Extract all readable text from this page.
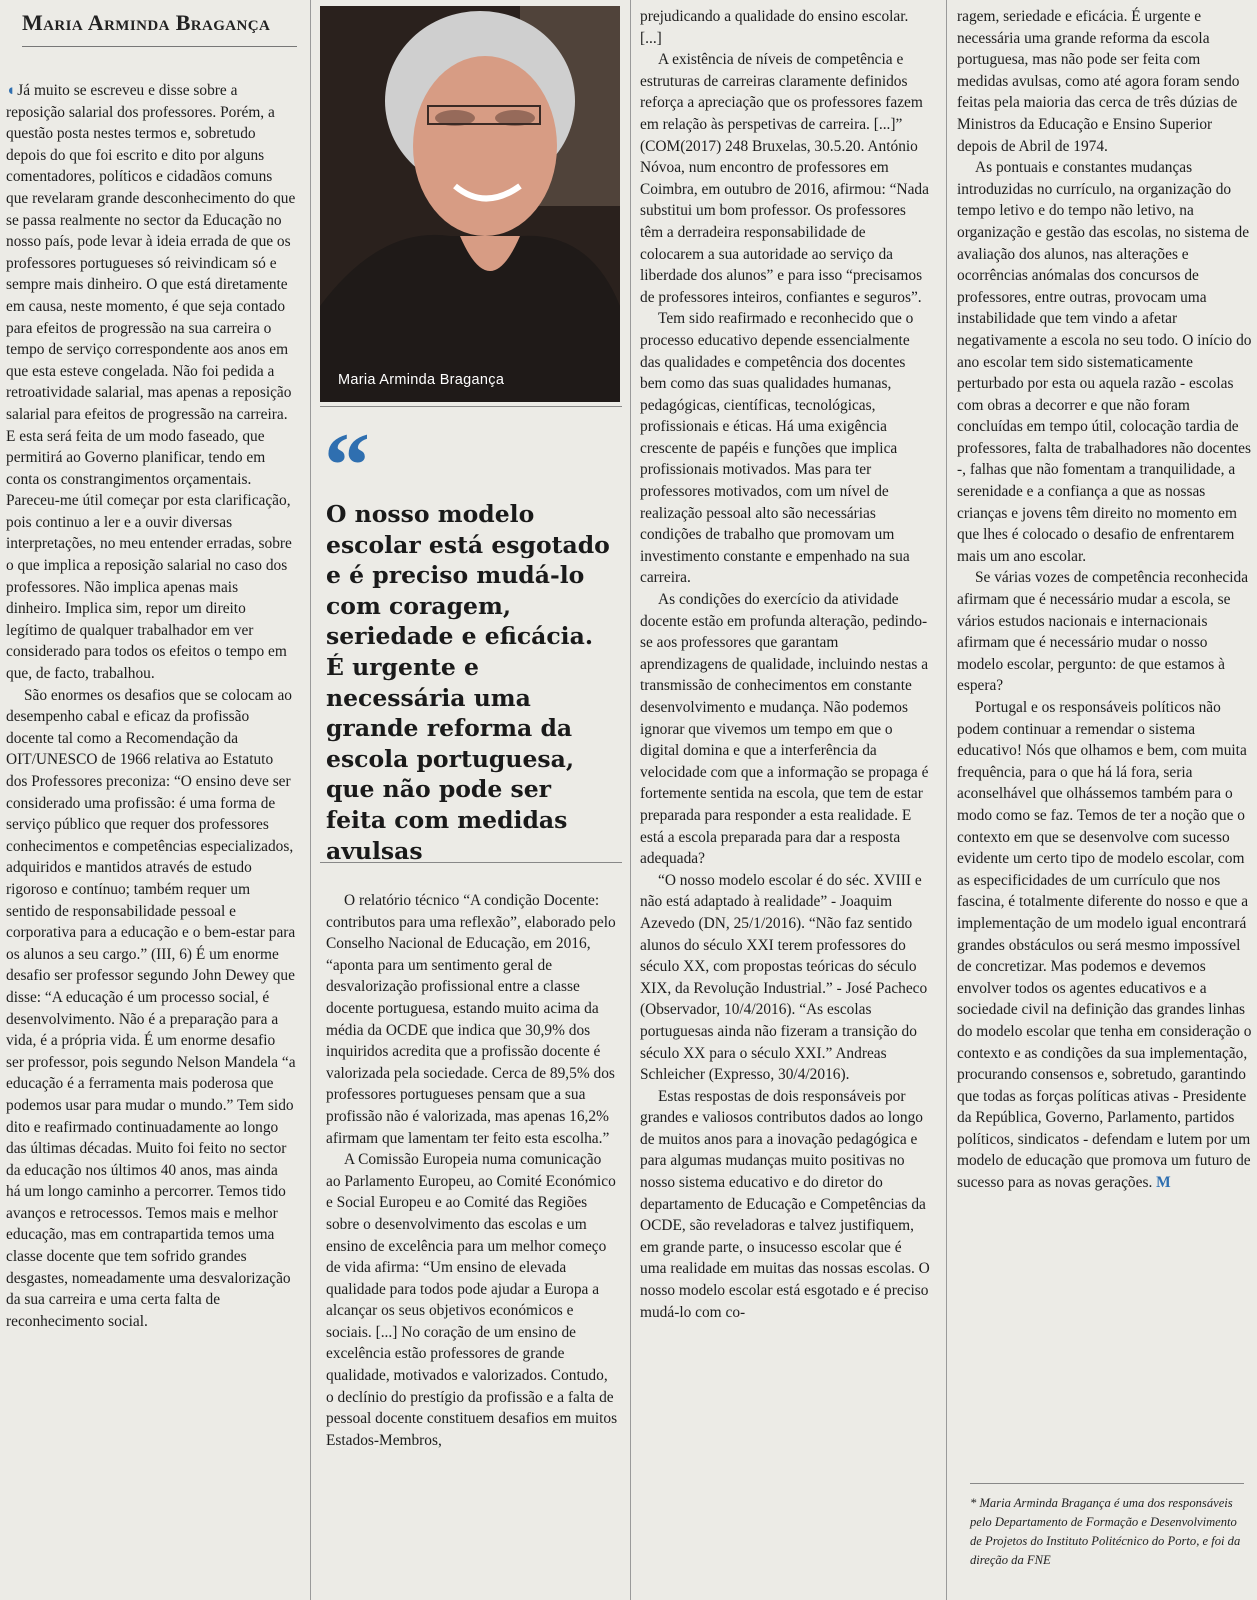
Maria Arminda Bragança

◖ Já muito se escreveu e disse sobre a reposição salarial dos professores. Porém, a questão posta nestes termos e, sobretudo depois do que foi escrito e dito por alguns comentadores, políticos e cidadãos comuns que revelaram grande desconhecimento do que se passa realmente no sector da Educação no nosso país, pode levar à ideia errada de que os professores portugueses só reivindicam só e sempre mais dinheiro. O que está diretamente em causa, neste momento, é que seja contado para efeitos de progressão na sua carreira o tempo de serviço correspondente aos anos em que esta esteve congelada. Não foi pedida a retroatividade salarial, mas apenas a reposição salarial para efeitos de progressão na carreira. E esta será feita de um modo faseado, que permitirá ao Governo planificar, tendo em conta os constrangimentos orçamentais. Pareceu-me útil começar por esta clarificação, pois continuo a ler e a ouvir diversas interpretações, no meu entender erradas, sobre o que implica a reposição salarial no caso dos professores. Não implica apenas mais dinheiro. Implica sim, repor um direito legítimo de qualquer trabalhador em ver considerado para todos os efeitos o tempo em que, de facto, trabalhou.

São enormes os desafios que se colocam ao desempenho cabal e eficaz da profissão docente tal como a Recomendação da OIT/UNESCO de 1966 relativa ao Estatuto dos Professores preconiza: “O ensino deve ser considerado uma profissão: é uma forma de serviço público que requer dos professores conhecimentos e competências especializados, adquiridos e mantidos através de estudo rigoroso e contínuo; também requer um sentido de responsabilidade pessoal e corporativa para a educação e o bem-estar para os alunos a seu cargo.” (III, 6) É um enorme desafio ser professor segundo John Dewey que disse: “A educação é um processo social, é desenvolvimento. Não é a preparação para a vida, é a própria vida. É um enorme desafio ser professor, pois segundo Nelson Mandela “a educação é a ferramenta mais poderosa que podemos usar para mudar o mundo.” Tem sido dito e reafirmado continuadamente ao longo das últimas décadas. Muito foi feito no sector da educação nos últimos 40 anos, mas ainda há um longo caminho a percorrer. Temos tido avanços e retrocessos. Temos mais e melhor educação, mas em contrapartida temos uma classe docente que tem sofrido grandes desgastes, nomeadamente uma desvalorização da sua carreira e uma certa falta de reconhecimento social.

Maria Arminda Bragança
“
O nosso modelo escolar está esgotado e é preciso mudá-lo com coragem, seriedade e eficácia. É urgente e necessária uma grande reforma da escola portuguesa, que não pode ser feita com medidas avulsas

O relatório técnico “A condição Docente: contributos para uma reflexão”, elaborado pelo Conselho Nacional de Educação, em 2016, “aponta para um sentimento geral de desvalorização profissional entre a classe docente portuguesa, estando muito acima da média da OCDE que indica que 30,9% dos inquiridos acredita que a profissão docente é valorizada pela sociedade. Cerca de 89,5% dos professores portugueses pensam que a sua profissão não é valorizada, mas apenas 16,2% afirmam que lamentam ter feito esta escolha.”

A Comissão Europeia numa comunicação ao Parlamento Europeu, ao Comité Económico e Social Europeu e ao Comité das Regiões sobre o desenvolvimento das escolas e um ensino de excelência para um melhor começo de vida afirma: “Um ensino de elevada qualidade para todos pode ajudar a Europa a alcançar os seus objetivos económicos e sociais. [...] No coração de um ensino de excelência estão professores de grande qualidade, motivados e valorizados. Contudo, o declínio do prestígio da profissão e a falta de pessoal docente constituem desafios em muitos Estados-Membros,

prejudicando a qualidade do ensino escolar. [...]

A existência de níveis de competência e estruturas de carreiras claramente definidos reforça a apreciação que os professores fazem em relação às perspetivas de carreira. [...]” (COM(2017) 248 Bruxelas, 30.5.20. António Nóvoa, num encontro de professores em Coimbra, em outubro de 2016, afirmou: “Nada substitui um bom professor. Os professores têm a derradeira responsabilidade de colocarem a sua autoridade ao serviço da liberdade dos alunos” e para isso “precisamos de professores inteiros, confiantes e seguros”.

Tem sido reafirmado e reconhecido que o processo educativo depende essencialmente das qualidades e competência dos docentes bem como das suas qualidades humanas, pedagógicas, científicas, tecnológicas, profissionais e éticas. Há uma exigência crescente de papéis e funções que implica profissionais motivados. Mas para ter professores motivados, com um nível de realização pessoal alto são necessárias condições de trabalho que promovam um investimento constante e empenhado na sua carreira.

As condições do exercício da atividade docente estão em profunda alteração, pedindo-se aos professores que garantam aprendizagens de qualidade, incluindo nestas a transmissão de conhecimentos em constante desenvolvimento e mudança. Não podemos ignorar que vivemos um tempo em que o digital domina e que a interferência da velocidade com que a informação se propaga é fortemente sentida na escola, que tem de estar preparada para responder a esta realidade. E está a escola preparada para dar a resposta adequada?

“O nosso modelo escolar é do séc. XVIII e não está adaptado à realidade” - Joaquim Azevedo (DN, 25/1/2016). “Não faz sentido alunos do século XXI terem professores do século XX, com propostas teóricas do século XIX, da Revolução Industrial.” - José Pacheco (Observador, 10/4/2016). “As escolas portuguesas ainda não fizeram a transição do século XX para o século XXI.” Andreas Schleicher (Expresso, 30/4/2016).

Estas respostas de dois responsáveis por grandes e valiosos contributos dados ao longo de muitos anos para a inovação pedagógica e para algumas mudanças muito positivas no nosso sistema educativo e do diretor do departamento de Educação e Competências da OCDE, são reveladoras e talvez justifiquem, em grande parte, o insucesso escolar que é uma realidade em muitas das nossas escolas. O nosso modelo escolar está esgotado e é preciso mudá-lo com co-

ragem, seriedade e eficácia. É urgente e necessária uma grande reforma da escola portuguesa, mas não pode ser feita com medidas avulsas, como até agora foram sendo feitas pela maioria das cerca de três dúzias de Ministros da Educação e Ensino Superior depois de Abril de 1974.

As pontuais e constantes mudanças introduzidas no currículo, na organização do tempo letivo e do tempo não letivo, na organização e gestão das escolas, no sistema de avaliação dos alunos, nas alterações e ocorrências anómalas dos concursos de professores, entre outras, provocam uma instabilidade que tem vindo a afetar negativamente a escola no seu todo. O início do ano escolar tem sido sistematicamente perturbado por esta ou aquela razão - escolas com obras a decorrer e que não foram concluídas em tempo útil, colocação tardia de professores, falta de trabalhadores não docentes -, falhas que não fomentam a tranquilidade, a serenidade e a confiança a que as nossas crianças e jovens têm direito no momento em que lhes é colocado o desafio de enfrentarem mais um ano escolar.

Se várias vozes de competência reconhecida afirmam que é necessário mudar a escola, se vários estudos nacionais e internacionais afirmam que é necessário mudar o nosso modelo escolar, pergunto: de que estamos à espera?

Portugal e os responsáveis políticos não podem continuar a remendar o sistema educativo! Nós que olhamos e bem, com muita frequência, para o que há lá fora, seria aconselhável que olhássemos também para o modo como se faz. Temos de ter a noção que o contexto em que se desenvolve com sucesso evidente um certo tipo de modelo escolar, com as especificidades de um currículo que nos fascina, é totalmente diferente do nosso e que a implementação de um modelo igual encontrará grandes obstáculos ou será mesmo impossível de concretizar. Mas podemos e devemos envolver todos os agentes educativos e a sociedade civil na definição das grandes linhas do modelo escolar que tenha em consideração o contexto e as condições da sua implementação, procurando consensos e, sobretudo, garantindo que todas as forças políticas ativas - Presidente da República, Governo, Parlamento, partidos políticos, sindicatos - defendam e lutem por um modelo de educação que promova um futuro de sucesso para as novas gerações. M

* Maria Arminda Bragança é uma dos responsáveis pelo Departamento de Formação e Desenvolvimento de Projetos do Instituto Politécnico do Porto, e foi da direção da FNE
